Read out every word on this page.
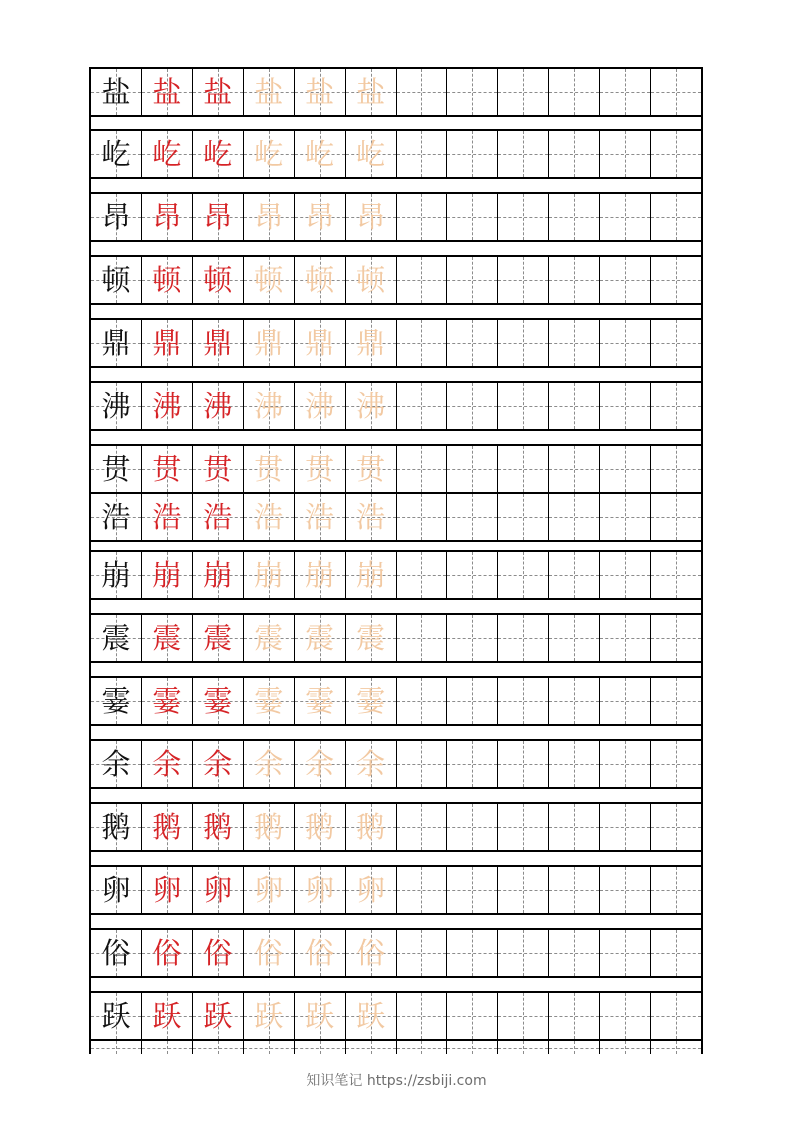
盐 盐 盐 盐 盐 盐
屹 屹 屹 屹 屹 屹
昂 昂 昂 昂 昂 昂
顿 顿 顿 顿 顿 顿
鼎 鼎 鼎 鼎 鼎 鼎
沸 沸 沸 沸 沸 沸
贯 贯 贯 贯 贯 贯
浩 浩 浩 浩 浩 浩
崩 崩 崩 崩 崩 崩
震 震 震 震 震 震
霎 霎 霎 霎 霎 霎
余 余 余 余 余 余
鹅 鹅 鹅 鹅 鹅 鹅
卵 卵 卵 卵 卵 卵
俗 俗 俗 俗 俗 俗
跃 跃 跃 跃 跃 跃
知识笔记 https://zsbiji.com
